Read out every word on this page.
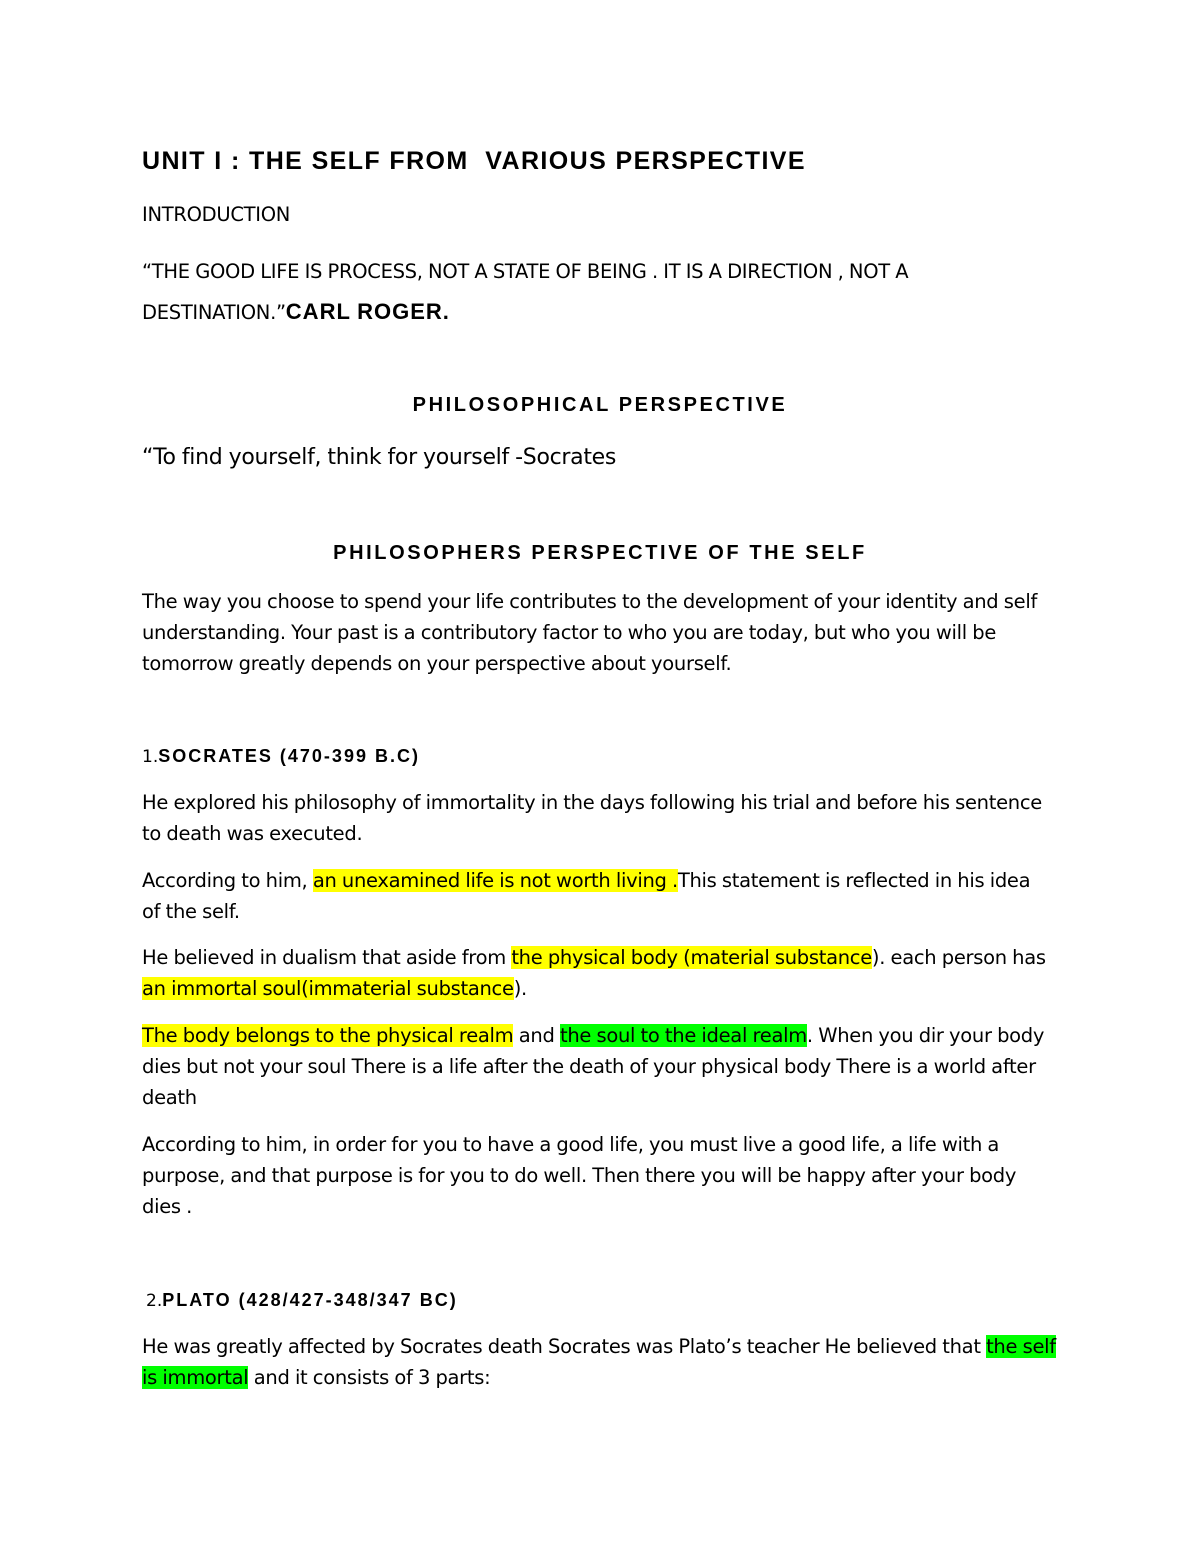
UNIT I : THE SELF FROM  VARIOUS PERSPECTIVE
INTRODUCTION
“THE GOOD LIFE IS PROCESS, NOT A STATE OF BEING . IT IS A DIRECTION , NOT A
DESTINATION.”CARL ROGER.
PHILOSOPHICAL PERSPECTIVE
“To find yourself, think for yourself -Socrates
PHILOSOPHERS PERSPECTIVE OF THE SELF
The way you choose to spend your life contributes to the development of your identity and self
understanding. Your past is a contributory factor to who you are today, but who you will be
tomorrow greatly depends on your perspective about yourself.
1.SOCRATES (470-399 B.C)
He explored his philosophy of immortality in the days following his trial and before his sentence
to death was executed.
According to him, an unexamined life is not worth living .This statement is reflected in his idea
of the self.
He believed in dualism that aside from the physical body (material substance). each person has
an immortal soul(immaterial substance).
The body belongs to the physical realm and the soul to the ideal realm. When you dir your body
dies but not your soul There is a life after the death of your physical body There is a world after
death
According to him, in order for you to have a good life, you must live a good life, a life with a
purpose, and that purpose is for you to do well. Then there you will be happy after your body
dies .
2.PLATO (428/427-348/347 BC)
He was greatly affected by Socrates death Socrates was Plato’s teacher He believed that the self
is immortal and it consists of 3 parts:
